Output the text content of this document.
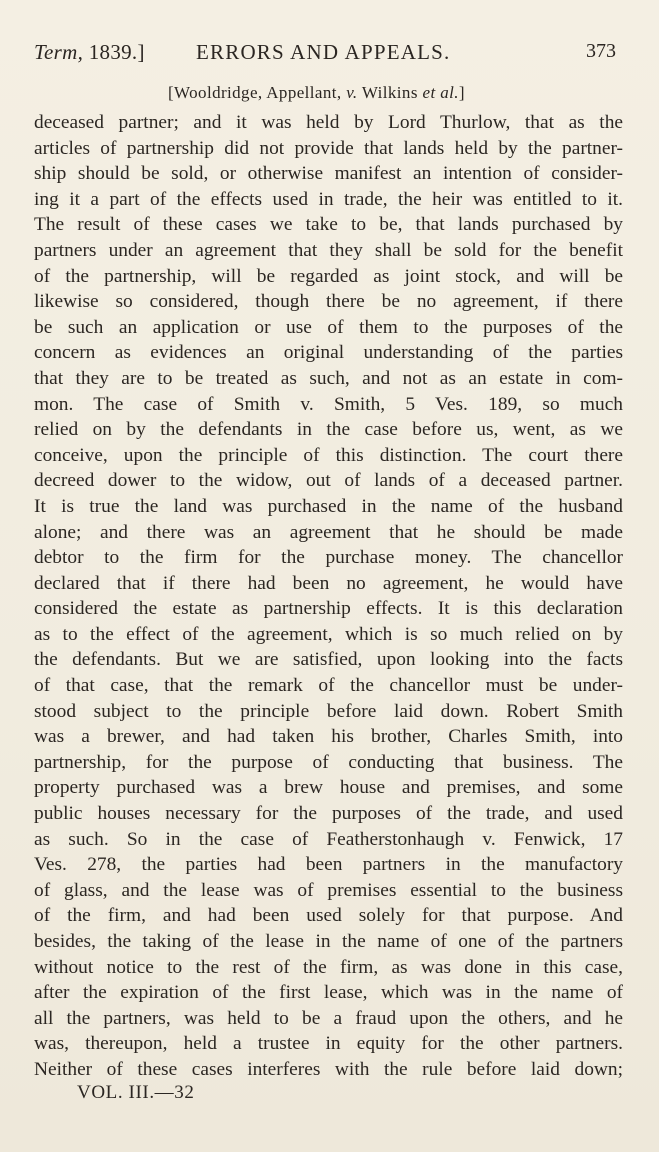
Term, 1839.] ERRORS AND APPEALS.	373
[Wooldridge, Appellant, v. Wilkins et al.]
deceased partner; and it was held by Lord Thurlow, that as the
articles of partnership did not provide that lands held by the partner-
ship should be sold, or otherwise manifest an intention of consider-
ing it a part of the effects used in trade, the heir was entitled to it.
The result of these cases we take to be, that lands purchased by
partners under an agreement that they shall be sold for the benefit
of the partnership, will be regarded as joint stock, and will be
likewise so considered, though there be no agreement, if there
be such an application or use of them to the purposes of the
concern as evidences an original understanding of the parties
that they are to be treated as such, and not as an estate in com-
mon. The case of Smith v. Smith, 5 Ves. 189, so much
relied on by the defendants in the case before us, went, as we
conceive, upon the principle of this distinction. The court there
decreed dower to the widow, out of lands of a deceased partner.
It is true the land was purchased in the name of the husband
alone; and there was an agreement that he should be made
debtor to the firm for the purchase money. The chancellor
declared that if there had been no agreement, he would have
considered the estate as partnership effects. It is this declaration
as to the effect of the agreement, which is so much relied on by
the defendants. But we are satisfied, upon looking into the facts
of that case, that the remark of the chancellor must be under-
stood subject to the principle before laid down. Robert Smith
was a brewer, and had taken his brother, Charles Smith, into
partnership, for the purpose of conducting that business. The
property purchased was a brew house and premises, and some
public houses necessary for the purposes of the trade, and used
as such. So in the case of Featherstonhaugh v. Fenwick, 17
Ves. 278, the parties had been partners in the manufactory
of glass, and the lease was of premises essential to the business
of the firm, and had been used solely for that purpose. And
besides, the taking of the lease in the name of one of the partners
without notice to the rest of the firm, as was done in this case,
after the expiration of the first lease, which was in the name of
all the partners, was held to be a fraud upon the others, and he
was, thereupon, held a trustee in equity for the other partners.
Neither of these cases interferes with the rule before laid down;
VOL. III.—32
